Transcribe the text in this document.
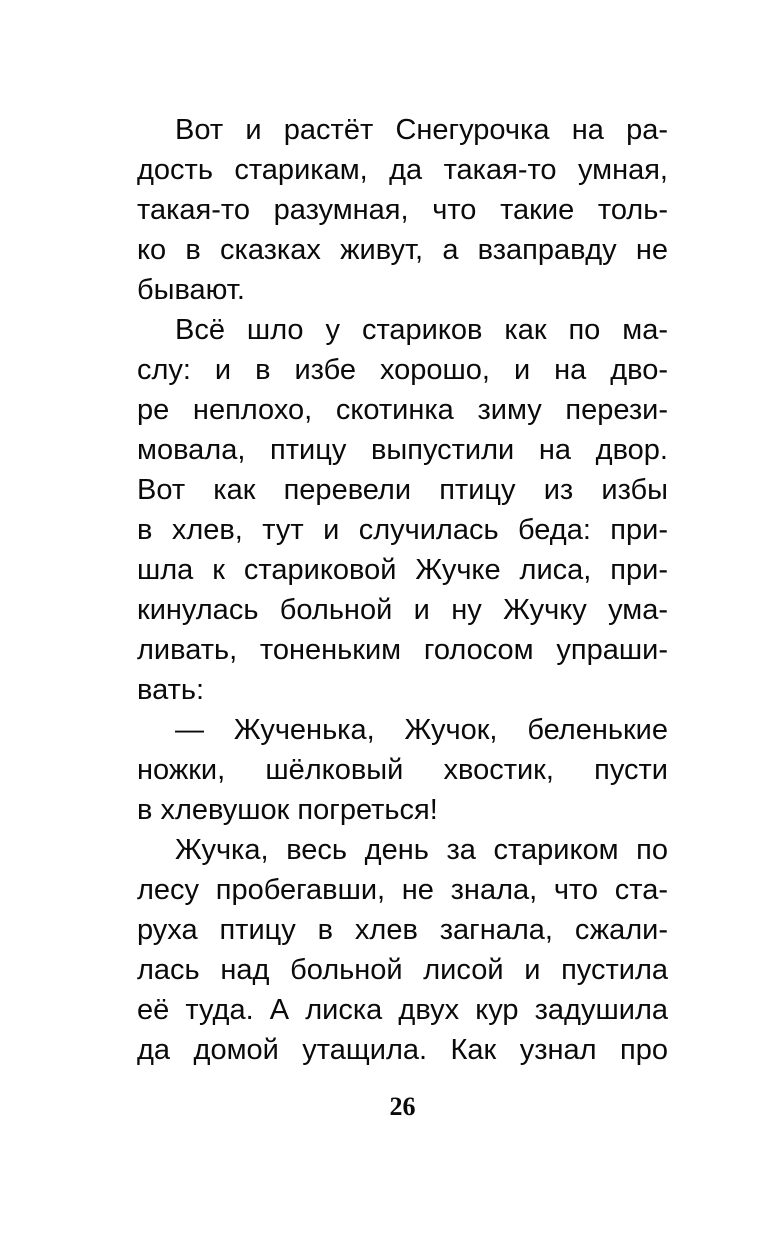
Вот и растёт Снегурочка на ра-
дость старикам, да такая-то умная,
такая-то разумная, что такие толь-
ко в сказках живут, а взаправду не
бывают.
Всё шло у стариков как по ма-
слу: и в избе хорошо, и на дво-
ре неплохо, скотинка зиму перези-
мовала, птицу выпустили на двор.
Вот как перевели птицу из избы
в хлев, тут и случилась беда: при-
шла к стариковой Жучке лиса, при-
кинулась больной и ну Жучку ума-
ливать, тоненьким голосом упраши-
вать:
— Жученька, Жучок, беленькие
ножки, шёлковый хвостик, пусти
в хлевушок погреться!
Жучка, весь день за стариком по
лесу пробегавши, не знала, что ста-
руха птицу в хлев загнала, сжали-
лась над больной лисой и пустила
её туда. А лиска двух кур задушила
да домой утащила. Как узнал про
26
